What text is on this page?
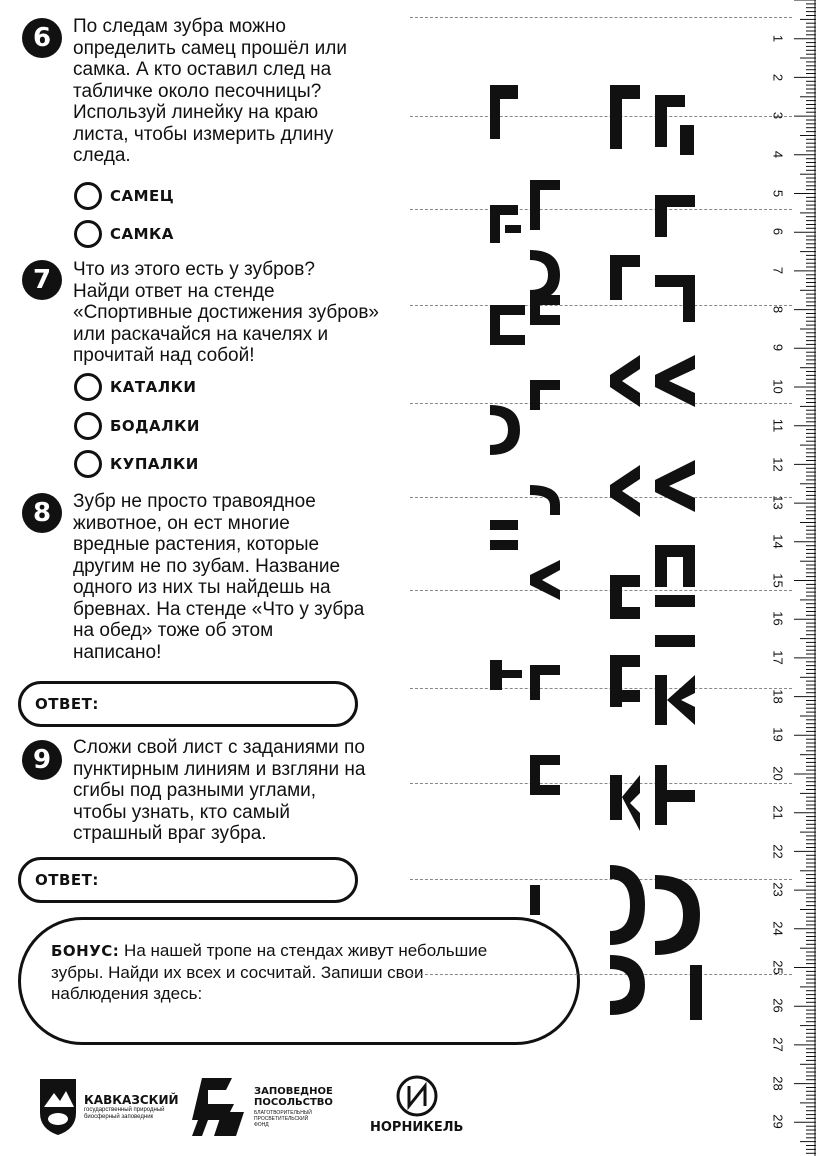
6	По следам зубра можно
определить самец прошёл или
самка. А кто оставил след на
табличке около песочницы?
Используй линейку на краю
листа, чтобы измерить длину
следа.
САМЕЦ
САМКА
7	Что из этого есть у зубров?
Найди ответ на стенде
«Спортивные достижения зубров»
или раскачайся на качелях и
прочитай над собой!
КАТАЛКИ
БОДАЛКИ
КУПАЛКИ
8	Зубр не просто травоядное
животное, он ест многие
вредные растения, которые
другим не по зубам. Название
одного из них ты найдешь на
бревнах. На стенде «Что у зубра
на обед» тоже об этом
написано!
ОТВЕТ:
9	Сложи свой лист с заданиями по
пунктирным линиям и взгляни на
сгибы под разными углами,
чтобы узнать, кто самый
страшный враг зубра.
ОТВЕТ:
БОНУС: На нашей тропе на стендах живут небольшие
зубры. Найди их всех и сосчитай. Запиши свои
наблюдения здесь:
1
2
3
4
5
6
7
8
9
10
11
12
13
14
15
16
17
18
19
20
21
22
23
24
25
26
27
28
29
КАВКАЗСКИЙ
государственный природный
биосферный заповедник
ЗАПОВЕДНОЕ
ПОСОЛЬСТВО
БЛАГОТВОРИТЕЛЬНЫЙ
ПРОСВЕТИТЕЛЬСКИЙ
ФОНД	НОРНИКЕЛЬ
